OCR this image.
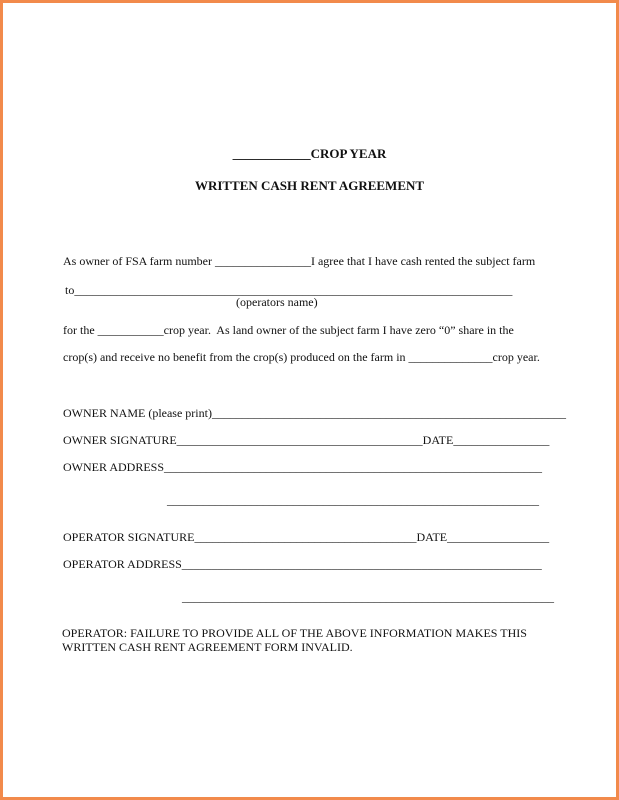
____________CROP YEAR
WRITTEN CASH RENT AGREEMENT
As owner of FSA farm number ________________I agree that I have cash rented the subject farm
to_________________________________________________________________________
(operators name)
for the ___________crop year.  As land owner of the subject farm I have zero “0” share in the
crop(s) and receive no benefit from the crop(s) produced on the farm in ______________crop year.
OWNER NAME (please print)___________________________________________________________
OWNER SIGNATURE_________________________________________DATE________________
OWNER ADDRESS_______________________________________________________________
______________________________________________________________
OPERATOR SIGNATURE_____________________________________DATE_________________
OPERATOR ADDRESS____________________________________________________________
______________________________________________________________
OPERATOR: FAILURE TO PROVIDE ALL OF THE ABOVE INFORMATION MAKES THIS
WRITTEN CASH RENT AGREEMENT FORM INVALID.
